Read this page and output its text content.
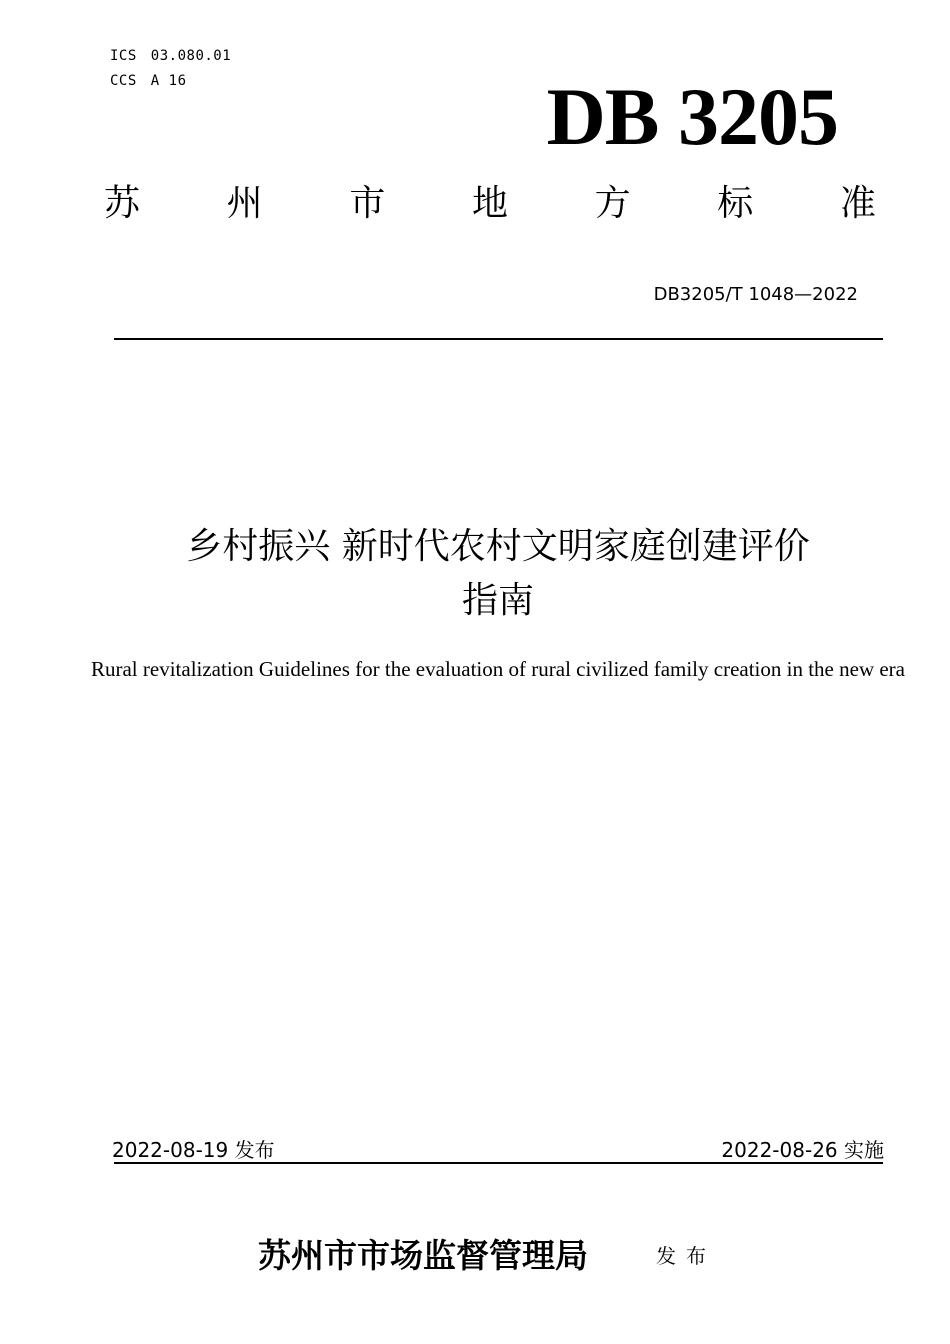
ICS 03.080.01
CCS A 16	DB 3205
苏 州 市 地 方 标 准
DB3205/T 1048—2022
乡村振兴 新时代农村文明家庭创建评价
指南
Rural revitalization Guidelines for the evaluation of rural civilized family creation in the new era
2022-08-19 发布	2022-08-26 实施
苏州市市场监督管理局	发布
